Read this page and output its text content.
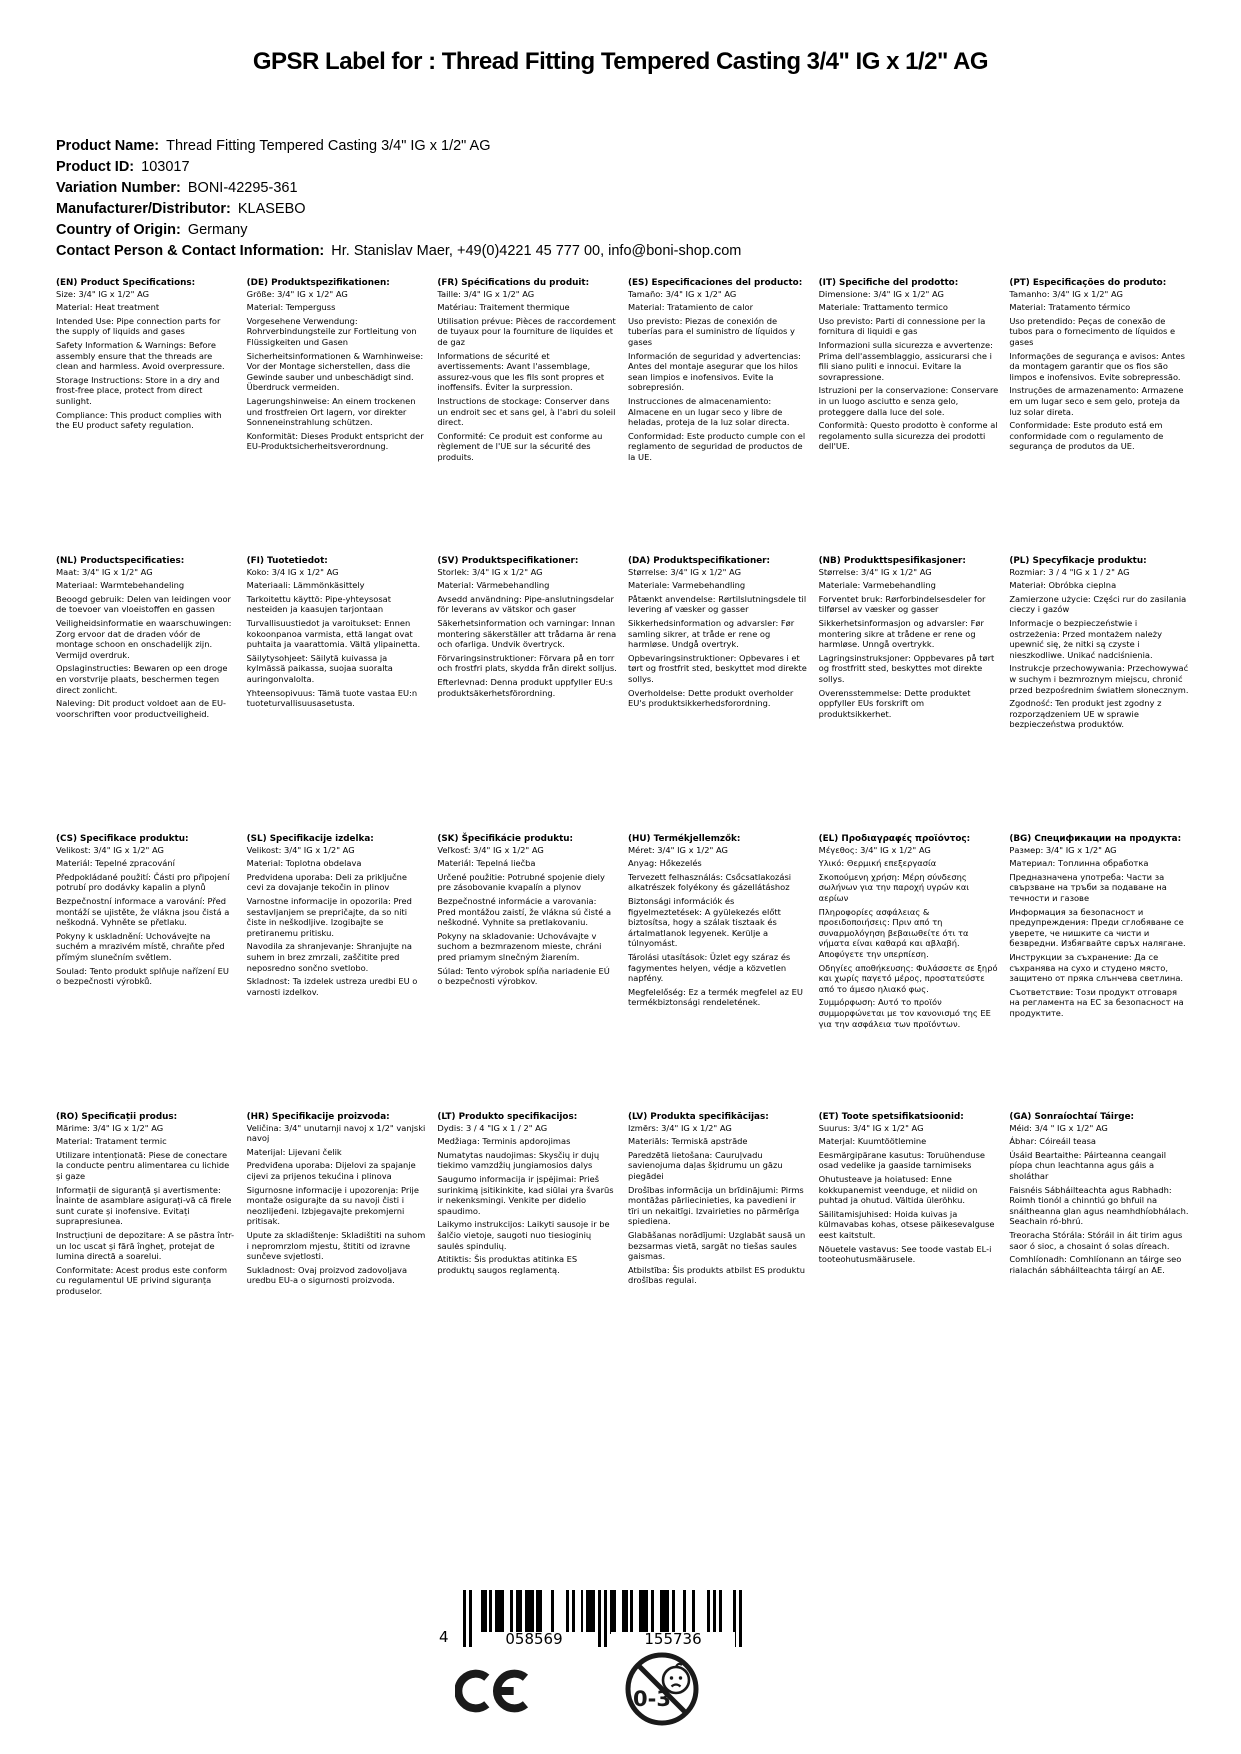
GPSR Label for : Thread Fitting Tempered Casting 3/4" IG x 1/2" AG
Product Name: Thread Fitting Tempered Casting 3/4" IG x 1/2" AG
Product ID: 103017
Variation Number: BONI-42295-361
Manufacturer/Distributor: KLASEBO
Country of Origin: Germany
Contact Person & Contact Information: Hr. Stanislav Maer, +49(0)4221 45 777 00, info@boni-shop.com
(EN) Product Specifications:

Size: 3/4" IG x 1/2" AG

Material: Heat treatment

Intended Use: Pipe connection parts for the supply of liquids and gases

Safety Information & Warnings: Before assembly ensure that the threads are clean and harmless. Avoid overpressure.

Storage Instructions: Store in a dry and frost-free place, protect from direct sunlight.

Compliance: This product complies with the EU product safety regulation.

(DE) Produktspezifikationen:

Größe: 3/4" IG x 1/2" AG

Material: Temperguss

Vorgesehene Verwendung: Rohrverbindungsteile zur Fortleitung von Flüssigkeiten und Gasen

Sicherheitsinformationen & Warnhinweise: Vor der Montage sicherstellen, dass die Gewinde sauber und unbeschädigt sind. Überdruck vermeiden.

Lagerungshinweise: An einem trockenen und frostfreien Ort lagern, vor direkter Sonneneinstrahlung schützen.

Konformität: Dieses Produkt entspricht der EU-Produktsicherheitsverordnung.

(FR) Spécifications du produit:

Taille: 3/4" IG x 1/2" AG

Matériau: Traitement thermique

Utilisation prévue: Pièces de raccordement de tuyaux pour la fourniture de liquides et de gaz

Informations de sécurité et avertissements: Avant l'assemblage, assurez-vous que les fils sont propres et inoffensifs. Éviter la surpression.

Instructions de stockage: Conserver dans un endroit sec et sans gel, à l'abri du soleil direct.

Conformité: Ce produit est conforme au règlement de l'UE sur la sécurité des produits.

(ES) Especificaciones del producto:

Tamaño: 3/4" IG x 1/2" AG

Material: Tratamiento de calor

Uso previsto: Piezas de conexión de tuberías para el suministro de líquidos y gases

Información de seguridad y advertencias: Antes del montaje asegurar que los hilos sean limpios e inofensivos. Evite la sobrepresión.

Instrucciones de almacenamiento: Almacene en un lugar seco y libre de heladas, proteja de la luz solar directa.

Conformidad: Este producto cumple con el reglamento de seguridad de productos de la UE.

(IT) Specifiche del prodotto:

Dimensione: 3/4" IG x 1/2" AG

Materiale: Trattamento termico

Uso previsto: Parti di connessione per la fornitura di liquidi e gas

Informazioni sulla sicurezza e avvertenze: Prima dell'assemblaggio, assicurarsi che i fili siano puliti e innocui. Evitare la sovrapressione.

Istruzioni per la conservazione: Conservare in un luogo asciutto e senza gelo, proteggere dalla luce del sole.

Conformità: Questo prodotto è conforme al regolamento sulla sicurezza dei prodotti dell'UE.

(PT) Especificações do produto:

Tamanho: 3/4" IG x 1/2" AG

Material: Tratamento térmico

Uso pretendido: Peças de conexão de tubos para o fornecimento de líquidos e gases

Informações de segurança e avisos: Antes da montagem garantir que os fios são limpos e inofensivos. Evite sobrepressão.

Instruções de armazenamento: Armazene em um lugar seco e sem gelo, proteja da luz solar direta.

Conformidade: Este produto está em conformidade com o regulamento de segurança de produtos da UE.

(NL) Productspecificaties:

Maat: 3/4" IG x 1/2" AG

Materiaal: Warmtebehandeling

Beoogd gebruik: Delen van leidingen voor de toevoer van vloeistoffen en gassen

Veiligheidsinformatie en waarschuwingen: Zorg ervoor dat de draden vóór de montage schoon en onschadelijk zijn. Vermijd overdruk.

Opslaginstructies: Bewaren op een droge en vorstvrije plaats, beschermen tegen direct zonlicht.

Naleving: Dit product voldoet aan de EU-voorschriften voor productveiligheid.

(FI) Tuotetiedot:

Koko: 3/4 IG x 1/2" AG

Materiaali: Lämmönkäsittely

Tarkoitettu käyttö: Pipe-yhteysosat nesteiden ja kaasujen tarjontaan

Turvallisuustiedot ja varoitukset: Ennen kokoonpanoa varmista, että langat ovat puhtaita ja vaarattomia. Vältä ylipainetta.

Säilytysohjeet: Säilytä kuivassa ja kylmässä paikassa, suojaa suoralta auringonvalolta.

Yhteensopivuus: Tämä tuote vastaa EU:n tuoteturvallisuusasetusta.

(SV) Produktspecifikationer:

Storlek: 3/4" IG x 1/2" AG

Material: Värmebehandling

Avsedd användning: Pipe-anslutningsdelar för leverans av vätskor och gaser

Säkerhetsinformation och varningar: Innan montering säkerställer att trådarna är rena och ofarliga. Undvik övertryck.

Förvaringsinstruktioner: Förvara på en torr och frostfri plats, skydda från direkt solljus.

Efterlevnad: Denna produkt uppfyller EU:s produktsäkerhetsförordning.

(DA) Produktspecifikationer:

Størrelse: 3/4" IG x 1/2" AG

Materiale: Varmebehandling

Påtænkt anvendelse: Rørtilslutningsdele til levering af væsker og gasser

Sikkerhedsinformation og advarsler: Før samling sikrer, at tråde er rene og harmløse. Undgå overtryk.

Opbevaringsinstruktioner: Opbevares i et tørt og frostfrit sted, beskyttet mod direkte sollys.

Overholdelse: Dette produkt overholder EU's produktsikkerhedsforordning.

(NB) Produkttspesifikasjoner:

Størrelse: 3/4" IG x 1/2" AG

Materiale: Varmebehandling

Forventet bruk: Rørforbindelsesdeler for tilførsel av væsker og gasser

Sikkerhetsinformasjon og advarsler: Før montering sikre at trådene er rene og harmløse. Unngå overtrykk.

Lagringsinstruksjoner: Oppbevares på tørt og frostfritt sted, beskyttes mot direkte sollys.

Overensstemmelse: Dette produktet oppfyller EUs forskrift om produktsikkerhet.

(PL) Specyfikacje produktu:

Rozmiar: 3 / 4 "IG x 1 / 2" AG

Materiał: Obróbka cieplna

Zamierzone użycie: Części rur do zasilania cieczy i gazów

Informacje o bezpieczeństwie i ostrzeżenia: Przed montażem należy upewnić się, że nitki są czyste i nieszkodliwe. Unikać nadciśnienia.

Instrukcje przechowywania: Przechowywać w suchym i bezmroznym miejscu, chronić przed bezpośrednim światłem słonecznym.

Zgodność: Ten produkt jest zgodny z rozporządzeniem UE w sprawie bezpieczeństwa produktów.

(CS) Specifikace produktu:

Velikost: 3/4" IG x 1/2" AG

Materiál: Tepelné zpracování

Předpokládané použití: Části pro připojení potrubí pro dodávky kapalin a plynů

Bezpečnostní informace a varování: Před montáží se ujistěte, že vlákna jsou čistá a neškodná. Vyhněte se přetlaku.

Pokyny k uskladnění: Uchovávejte na suchém a mrazivém místě, chraňte před přímým slunečním světlem.

Soulad: Tento produkt splňuje nařízení EU o bezpečnosti výrobků.

(SL) Specifikacije izdelka:

Velikost: 3/4" IG x 1/2" AG

Material: Toplotna obdelava

Predvidena uporaba: Deli za priključne cevi za dovajanje tekočin in plinov

Varnostne informacije in opozorila: Pred sestavljanjem se prepričajte, da so niti čiste in neškodljive. Izogibajte se pretiranemu pritisku.

Navodila za shranjevanje: Shranjujte na suhem in brez zmrzali, zaščitite pred neposredno sončno svetlobo.

Skladnost: Ta izdelek ustreza uredbi EU o varnosti izdelkov.

(SK) Špecifikácie produktu:

Veľkosť: 3/4" IG x 1/2" AG

Materiál: Tepelná liečba

Určené použitie: Potrubné spojenie diely pre zásobovanie kvapalín a plynov

Bezpečnostné informácie a varovania: Pred montážou zaistí, že vlákna sú čisté a neškodné. Vyhnite sa pretlakovaniu.

Pokyny na skladovanie: Uchovávajte v suchom a bezmrazenom mieste, chráni pred priamym slnečným žiarením.

Súlad: Tento výrobok spĺňa nariadenie EÚ o bezpečnosti výrobkov.

(HU) Termékjellemzők:

Méret: 3/4" IG x 1/2" AG

Anyag: Hőkezelés

Tervezett felhasználás: Csőcsatlakozási alkatrészek folyékony és gázellátáshoz

Biztonsági információk és figyelmeztetések: A gyülekezés előtt biztosítsa, hogy a szálak tisztaak és ártalmatlanok legyenek. Kerülje a túlnyomást.

Tárolási utasítások: Üzlet egy száraz és fagymentes helyen, védje a közvetlen napfény.

Megfelelőség: Ez a termék megfelel az EU termékbiztonsági rendeletének.

(EL) Προδιαγραφές προϊόντος:

Μέγεθος: 3/4" IG x 1/2" AG

Υλικό: Θερμική επεξεργασία

Σκοπούμενη χρήση: Μέρη σύνδεσης σωλήνων για την παροχή υγρών και αερίων

Πληροφορίες ασφάλειας & προειδοποιήσεις: Πριν από τη συναρμολόγηση βεβαιωθείτε ότι τα νήματα είναι καθαρά και αβλαβή. Αποφύγετε την υπερπίεση.

Οδηγίες αποθήκευσης: Φυλάσσετε σε ξηρό και χωρίς παγετό μέρος, προστατεύστε από το άμεσο ηλιακό φως.

Συμμόρφωση: Αυτό το προϊόν συμμορφώνεται με τον κανονισμό της ΕΕ για την ασφάλεια των προϊόντων.

(BG) Спецификации на продукта:

Размер: 3/4" IG x 1/2" AG

Материал: Топлинна обработка

Предназначена употреба: Части за свързване на тръби за подаване на течности и газове

Информация за безопасност и предупреждения: Преди сглобяване се уверете, че нишките са чисти и безвредни. Избягвайте свръх налягане.

Инструкции за съхранение: Да се съхранява на сухо и студено място, защитено от пряка слънчева светлина.

Съответствие: Този продукт отговаря на регламента на ЕС за безопасност на продуктите.

(RO) Specificații produs:

Mărime: 3/4" IG x 1/2" AG

Material: Tratament termic

Utilizare intenționată: Piese de conectare la conducte pentru alimentarea cu lichide și gaze

Informații de siguranță și avertismente: Înainte de asamblare asigurați-vă că firele sunt curate și inofensive. Evitați suprapresiunea.

Instrucțiuni de depozitare: A se păstra într- un loc uscat și fără îngheț, protejat de lumina directă a soarelui.

Conformitate: Acest produs este conform cu regulamentul UE privind siguranța produselor.

(HR) Specifikacije proizvoda:

Veličina: 3/4" unutarnji navoj x 1/2" vanjski navoj

Materijal: Lijevani čelik

Predviđena uporaba: Dijelovi za spajanje cijevi za prijenos tekućina i plinova

Sigurnosne informacije i upozorenja: Prije montaže osigurajte da su navoji čisti i neozlijeđeni. Izbjegavajte prekomjerni pritisak.

Upute za skladištenje: Skladištiti na suhom i nepromrzlom mjestu, štititi od izravne sunčeve svjetlosti.

Sukladnost: Ovaj proizvod zadovoljava uredbu EU-a o sigurnosti proizvoda.

(LT) Produkto specifikacijos:

Dydis: 3 / 4 "IG x 1 / 2" AG

Medžiaga: Terminis apdorojimas

Numatytas naudojimas: Skysčių ir dujų tiekimo vamzdžių jungiamosios dalys

Saugumo informacija ir įspėjimai: Prieš surinkimą įsitikinkite, kad siūlai yra švarūs ir nekenksmingi. Venkite per didelio spaudimo.

Laikymo instrukcijos: Laikyti sausoje ir be šalčio vietoje, saugoti nuo tiesioginių saulės spindulių.

Atitiktis: Šis produktas atitinka ES produktų saugos reglamentą.

(LV) Produkta specifikācijas:

Izmērs: 3/4" IG x 1/2" AG

Materiāls: Termiskā apstrāde

Paredzētā lietošana: Cauruļvadu savienojuma daļas šķidrumu un gāzu piegādei

Drošības informācija un brīdinājumi: Pirms montāžas pārliecinieties, ka pavedieni ir tīri un nekaitīgi. Izvairieties no pārmērīga spiediena.

Glabāšanas norādījumi: Uzglabāt sausā un bezsarmas vietā, sargāt no tiešas saules gaismas.

Atbilstība: Šis produkts atbilst ES produktu drošības regulai.

(ET) Toote spetsifikatsioonid:

Suurus: 3/4" IG x 1/2" AG

Materjal: Kuumtöötlemine

Eesmärgipärane kasutus: Toruühenduse osad vedelike ja gaaside tarnimiseks

Ohutusteave ja hoiatused: Enne kokkupanemist veenduge, et niidid on puhtad ja ohutud. Vältida ülerõhku.

Säilitamisjuhised: Hoida kuivas ja külmavabas kohas, otsese päikesevalguse eest kaitstult.

Nõuetele vastavus: See toode vastab EL-i tooteohutusmäärusele.

(GA) Sonraíochtaí Táirge:

Méid: 3/4 " IG x 1/2" AG

Ábhar: Cóireáil teasa

Úsáid Beartaithe: Páirteanna ceangail píopa chun leachtanna agus gáis a sholáthar

Faisnéis Sábháilteachta agus Rabhadh: Roimh tionól a chinntiú go bhfuil na snáitheanna glan agus neamhdhíobhálach. Seachain ró-bhrú.

Treoracha Stórála: Stóráil in áit tirim agus saor ó sioc, a chosaint ó solas díreach.

Comhlíonadh: Comhlíonann an táirge seo rialachán sábháilteachta táirgí an AE.

4	058569	155736
0-3
